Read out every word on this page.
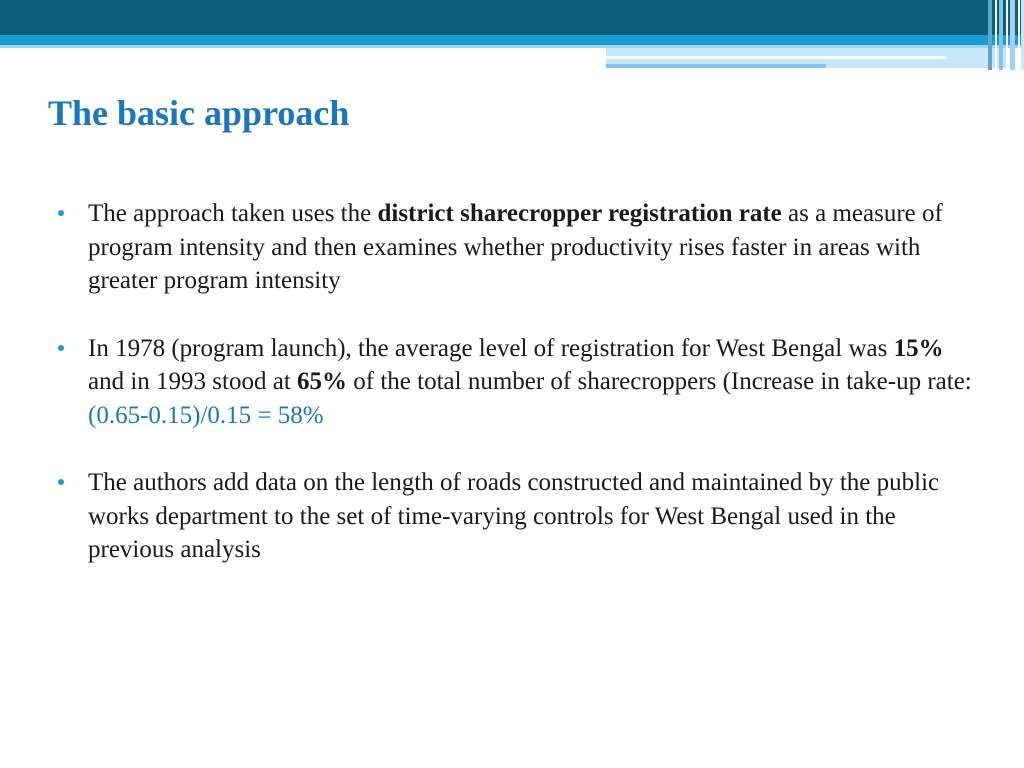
The basic approach
The approach taken uses the district sharecropper registration rate as a measure of program intensity and then examines whether productivity rises faster in areas with greater program intensity
In 1978 (program launch), the average level of registration for West Bengal was 15% and in 1993 stood at 65% of the total number of sharecroppers (Increase in take-up rate: (0.65-0.15)/0.15 = 58%
The authors add data on the length of roads constructed and maintained by the public works department to the set of time-varying controls for West Bengal used in the previous analysis
